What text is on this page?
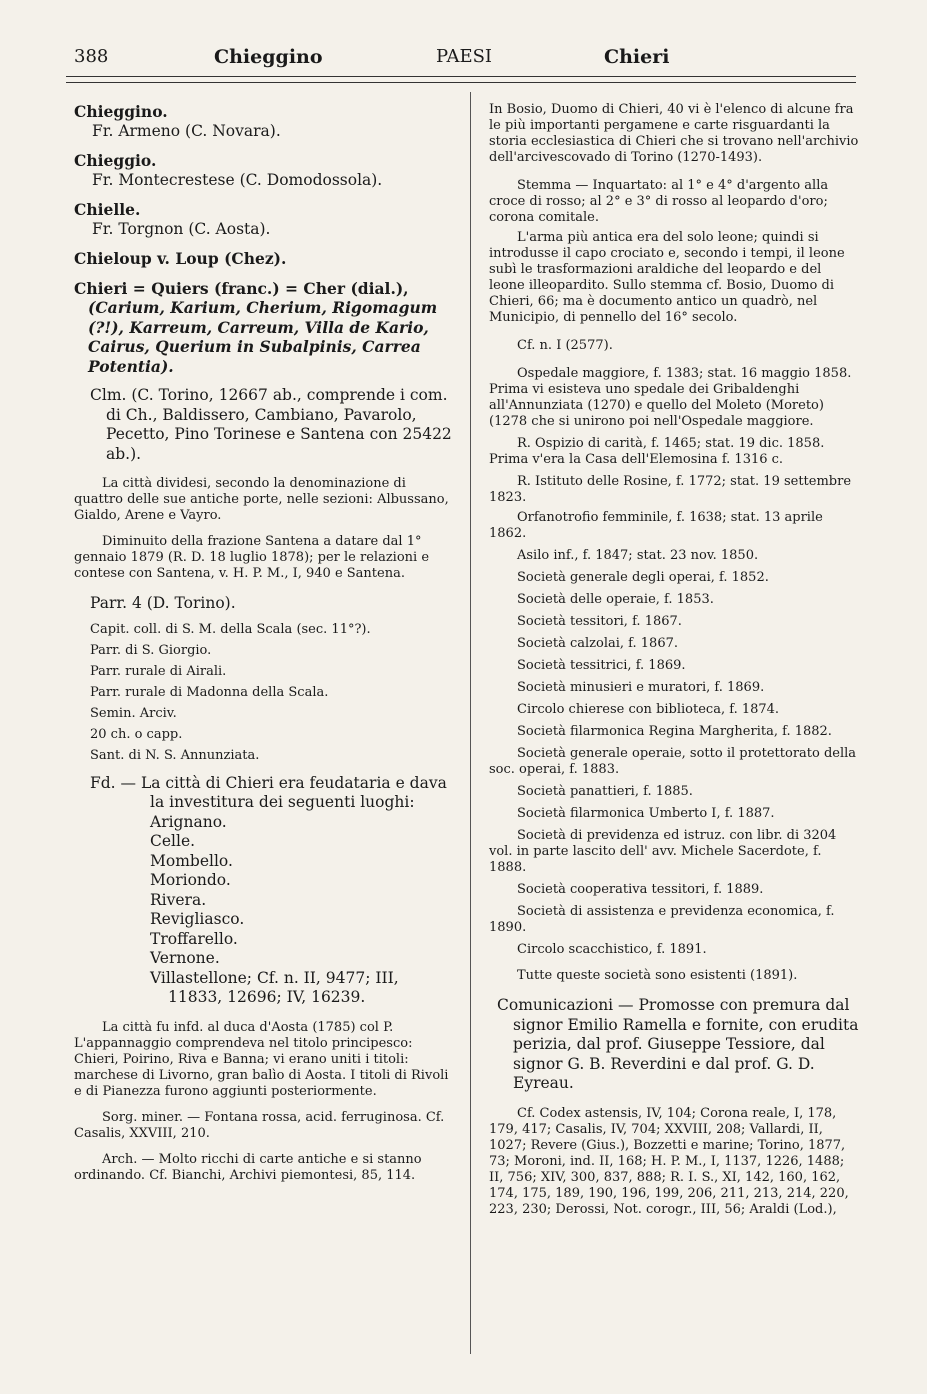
388	Chieggino	PAESI	Chieri

Chieggino.

Fr. Armeno (C. Novara).

Chieggio.

Fr. Montecrestese (C. Domodossola).

Chielle.

Fr. Torgnon (C. Aosta).

Chieloup v. Loup (Chez).

Chieri = Quiers (franc.) = Cher (dial.),

(Carium, Karium, Cherium, Rigomagum (?!), Karreum, Carreum, Villa de Kario, Cairus, Querium in Subalpinis, Carrea Potentia).

Clm. (C. Torino, 12667 ab., comprende i com. di Ch., Baldissero, Cambiano, Pavarolo, Pecetto, Pino Torinese e Santena con 25422 ab.).

La città dividesi, secondo la denominazione di quattro delle sue antiche porte, nelle sezioni: Albussano, Gialdo, Arene e Vayro.

Diminuito della frazione Santena a datare dal 1° gennaio 1879 (R. D. 18 luglio 1878); per le relazioni e contese con Santena, v. H. P. M., I, 940 e Santena.

Parr. 4 (D. Torino).

Capit. coll. di S. M. della Scala (sec. 11°?).

Parr. di S. Giorgio.

Parr. rurale di Airali.

Parr. rurale di Madonna della Scala.

Semin. Arciv.

20 ch. o capp.

Sant. di N. S. Annunziata.

Fd. — La città di Chieri era feudataria e dava la investitura dei seguenti luoghi:

Arignano.

Celle.

Mombello.

Moriondo.

Rivera.

Revigliasco.

Troffarello.

Vernone.

Villastellone; Cf. n. II, 9477; III, 11833, 12696; IV, 16239.

La città fu infd. al duca d'Aosta (1785) col P. L'appannaggio comprendeva nel titolo principesco: Chieri, Poirino, Riva e Banna; vi erano uniti i titoli: marchese di Livorno, gran balìo di Aosta. I titoli di Rivoli e di Pianezza furono aggiunti posteriormente.

Sorg. miner. — Fontana rossa, acid. ferruginosa. Cf. Casalis, XXVIII, 210.

Arch. — Molto ricchi di carte antiche e si stanno ordinando. Cf. Bianchi, Archivi piemontesi, 85, 114.

In Bosio, Duomo di Chieri, 40 vi è l'elenco di alcune fra le più importanti pergamene e carte risguardanti la storia ecclesiastica di Chieri che si trovano nell'archivio dell'arcivescovado di Torino (1270-1493).

Stemma — Inquartato: al 1° e 4° d'argento alla croce di rosso; al 2° e 3° di rosso al leopardo d'oro; corona comitale.

L'arma più antica era del solo leone; quindi si introdusse il capo crociato e, secondo i tempi, il leone subì le trasformazioni araldiche del leopardo e del leone illeopardito. Sullo stemma cf. Bosio, Duomo di Chieri, 66; ma è documento antico un quadrò, nel Municipio, di pennello del 16° secolo.

Cf. n. I (2577).

Ospedale maggiore, f. 1383; stat. 16 maggio 1858. Prima vi esisteva uno spedale dei Gribaldenghi all'Annunziata (1270) e quello del Moleto (Moreto) (1278 che si unirono poi nell'Ospedale maggiore.

R. Ospizio di carità, f. 1465; stat. 19 dic. 1858. Prima v'era la Casa dell'Elemosina f. 1316 c.

R. Istituto delle Rosine, f. 1772; stat. 19 settembre 1823.

Orfanotrofio femminile, f. 1638; stat. 13 aprile 1862.

Asilo inf., f. 1847; stat. 23 nov. 1850.

Società generale degli operai, f. 1852.

Società delle operaie, f. 1853.

Società tessitori, f. 1867.

Società calzolai, f. 1867.

Società tessitrici, f. 1869.

Società minusieri e muratori, f. 1869.

Circolo chierese con biblioteca, f. 1874.

Società filarmonica Regina Margherita, f. 1882.

Società generale operaie, sotto il protettorato della soc. operai, f. 1883.

Società panattieri, f. 1885.

Società filarmonica Umberto I, f. 1887.

Società di previdenza ed istruz. con libr. di 3204 vol. in parte lascito dell' avv. Michele Sacerdote, f. 1888.

Società cooperativa tessitori, f. 1889.

Società di assistenza e previdenza economica, f. 1890.

Circolo scacchistico, f. 1891.

Tutte queste società sono esistenti (1891).

Comunicazioni — Promosse con premura dal signor Emilio Ramella e fornite, con erudita perizia, dal prof. Giuseppe Tessiore, dal signor G. B. Reverdini e dal prof. G. D. Eyreau.

Cf. Codex astensis, IV, 104; Corona reale, I, 178, 179, 417; Casalis, IV, 704; XXVIII, 208; Vallardi, II, 1027; Revere (Gius.), Bozzetti e marine; Torino, 1877, 73; Moroni, ind. II, 168; H. P. M., I, 1137, 1226, 1488; II, 756; XIV, 300, 837, 888; R. I. S., XI, 142, 160, 162, 174, 175, 189, 190, 196, 199, 206, 211, 213, 214, 220, 223, 230; Derossi, Not. corogr., III, 56; Araldi (Lod.),
